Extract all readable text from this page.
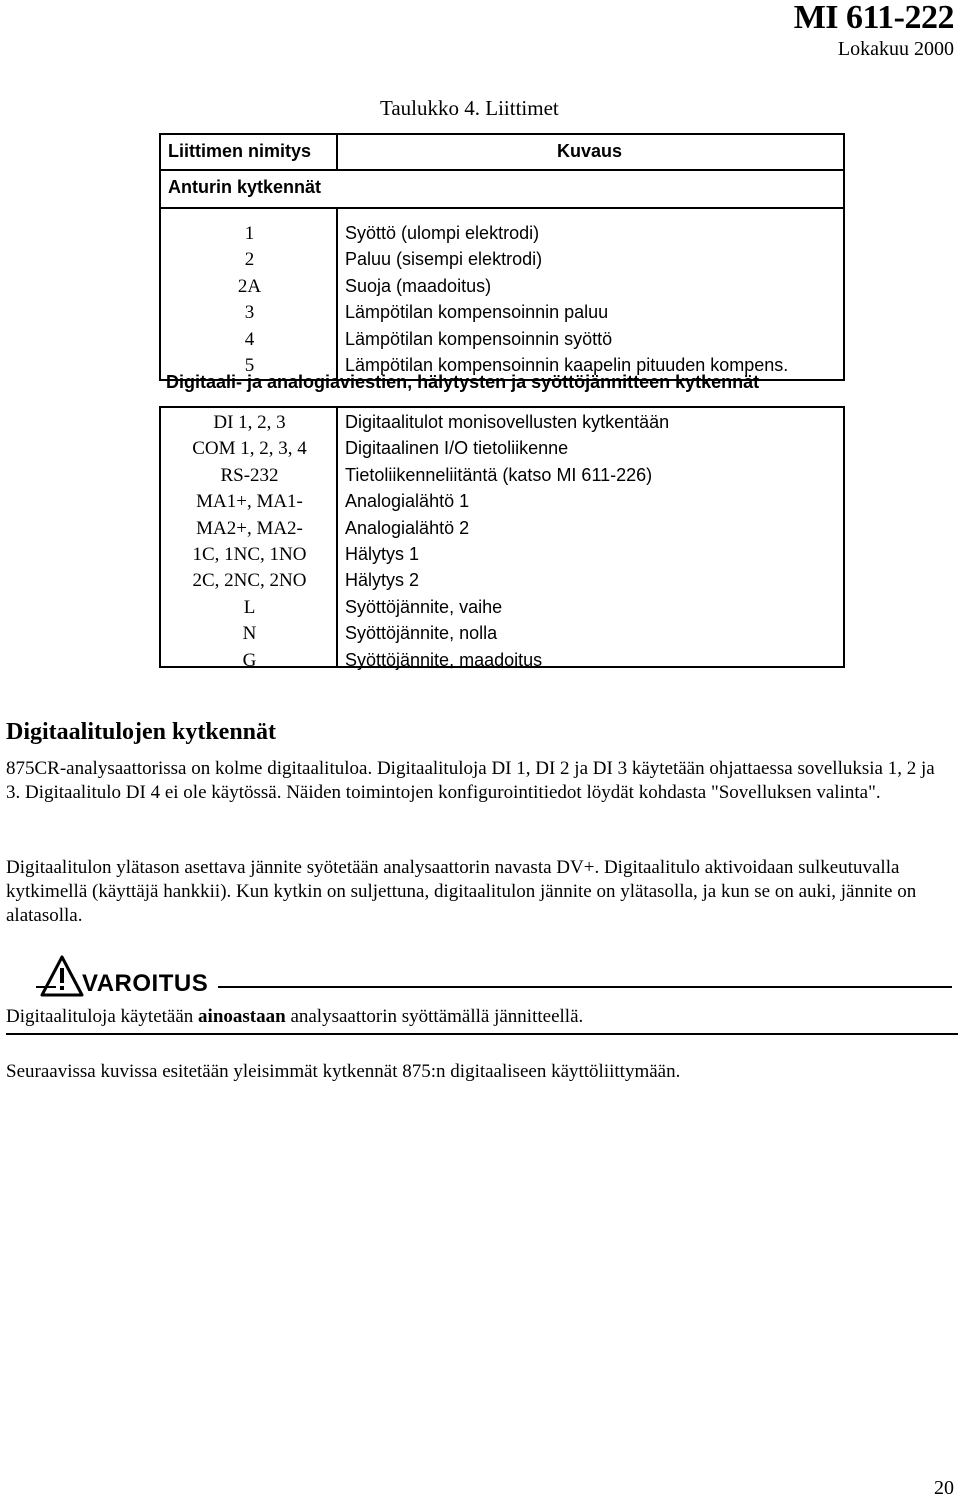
MI 611-222
Lokakuu 2000
Taulukko 4. Liittimet
Liittimen nimitys	Kuvaus
Anturin kytkennät
1	Syöttö (ulompi elektrodi)
2	Paluu (sisempi elektrodi)
2A	Suoja (maadoitus)
3	Lämpötilan kompensoinnin paluu
4	Lämpötilan kompensoinnin syöttö
5	Lämpötilan kompensoinnin kaapelin pituuden kompens.
Digitaali- ja analogiaviestien, hälytysten ja syöttöjännitteen kytkennät
DI 1, 2, 3	Digitaalitulot monisovellusten kytkentään
COM 1, 2, 3, 4	Digitaalinen I/O tietoliikenne
RS-232	Tietoliikenneliitäntä (katso MI 611-226)
MA1+, MA1-	Analogialähtö 1
MA2+, MA2-	Analogialähtö 2
1C, 1NC, 1NO	Hälytys 1
2C, 2NC, 2NO	Hälytys 2
L	Syöttöjännite, vaihe
N	Syöttöjännite, nolla
G	Syöttöjännite, maadoitus
Digitaalitulojen kytkennät
875CR-analysaattorissa on kolme digitaalituloa. Digitaalituloja DI 1, DI 2 ja DI 3 käytetään ohjattaessa sovelluksia 1, 2 ja 3. Digitaalitulo DI 4 ei ole käytössä. Näiden toimintojen konfigurointitiedot löydät kohdasta "Sovelluksen valinta".
Digitaalitulon ylätason asettava jännite syötetään analysaattorin navasta DV+. Digitaalitulo aktivoidaan sulkeutuvalla kytkimellä (käyttäjä hankkii). Kun kytkin on suljettuna, digitaalitulon jännite on ylätasolla, ja kun se on auki, jännite on alatasolla.
VAROITUS
Digitaalituloja käytetään ainoastaan analysaattorin syöttämällä jännitteellä.
Seuraavissa kuvissa esitetään yleisimmät kytkennät 875:n digitaaliseen käyttöliittymään.
20
